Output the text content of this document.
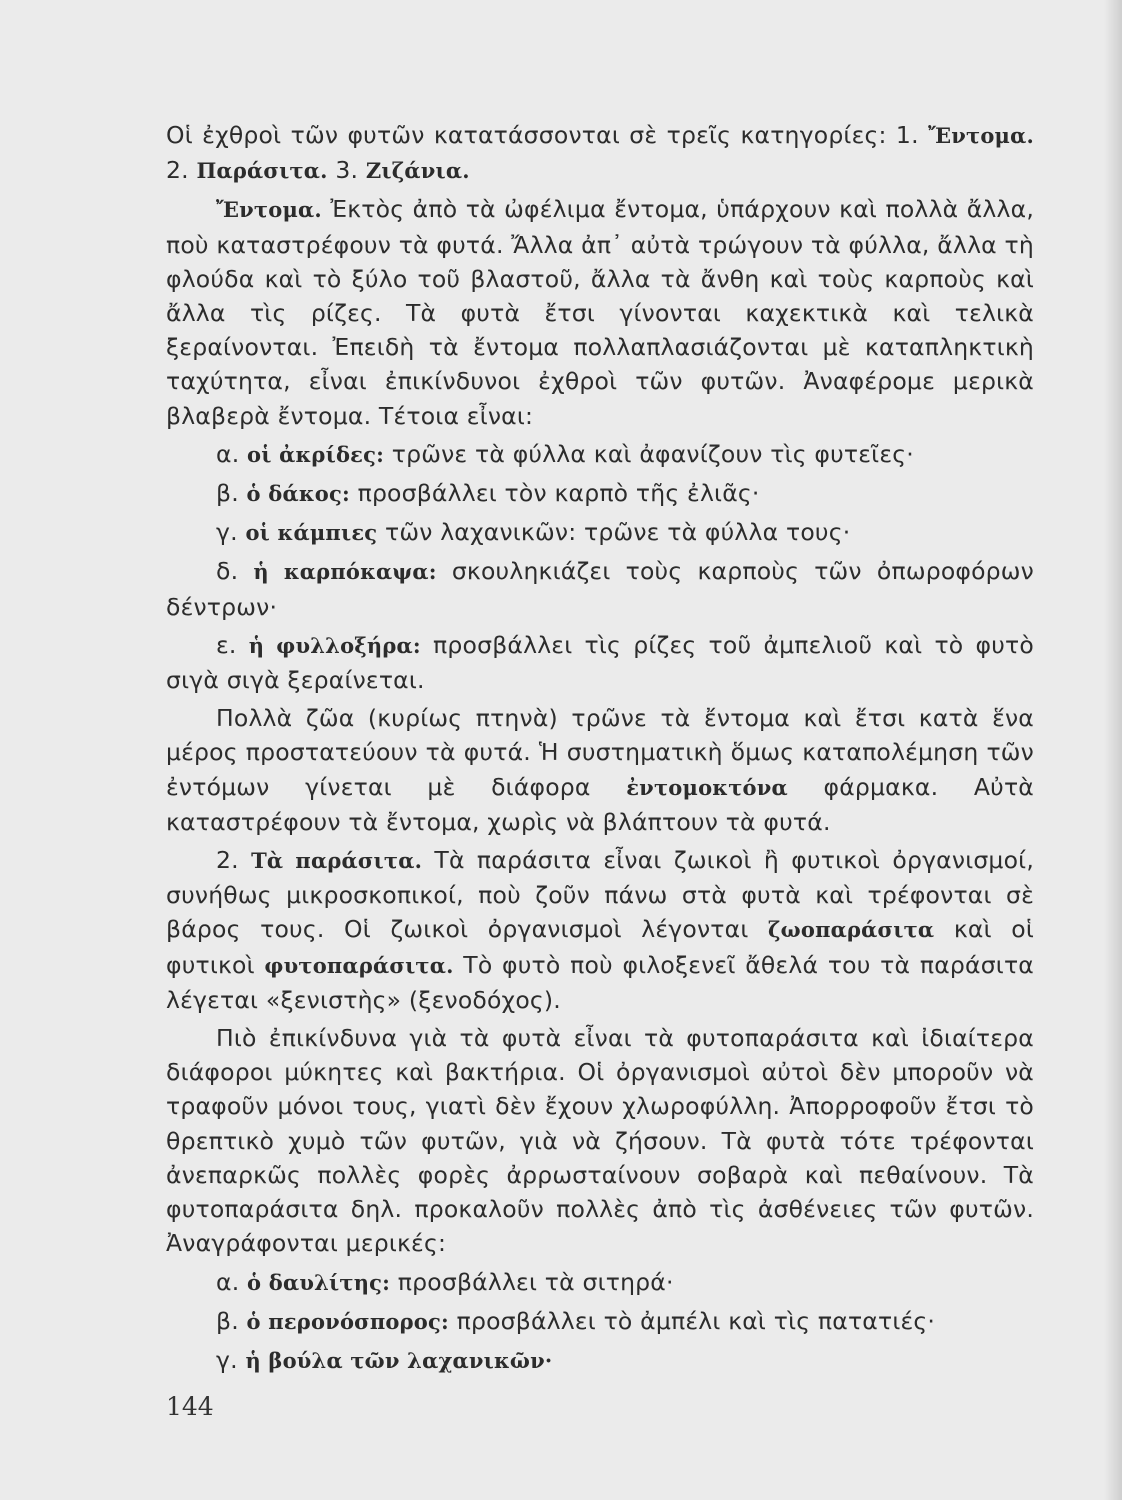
Οἱ ἐχθροὶ τῶν φυτῶν κατατάσσονται σὲ τρεῖς κατηγορίες: 1. Ἔντομα. 2. Παράσιτα. 3. Ζιζάνια.

Ἔντομα. Ἐκτὸς ἀπὸ τὰ ὠφέλιμα ἔντομα, ὑπάρχουν καὶ πολλὰ ἄλλα, ποὺ καταστρέφουν τὰ φυτά. Ἄλλα ἀπ᾽ αὐτὰ τρώγουν τὰ φύλλα, ἄλλα τὴ φλούδα καὶ τὸ ξύλο τοῦ βλαστοῦ, ἄλλα τὰ ἄνθη καὶ τοὺς καρποὺς καὶ ἄλλα τὶς ρίζες. Τὰ φυτὰ ἔτσι γίνονται καχεκτικὰ καὶ τελικὰ ξεραίνονται. Ἐπειδὴ τὰ ἔντομα πολλαπλασιάζονται μὲ καταπληκτικὴ ταχύτητα, εἶναι ἐπικίνδυνοι ἐχθροὶ τῶν φυτῶν. Ἀναφέρομε μερικὰ βλαβερὰ ἔντομα. Τέτοια εἶναι:

α. οἱ ἀκρίδες: τρῶνε τὰ φύλλα καὶ ἀφανίζουν τὶς φυτεῖες·

β. ὁ δάκος: προσβάλλει τὸν καρπὸ τῆς ἐλιᾶς·

γ. οἱ κάμπιες τῶν λαχανικῶν: τρῶνε τὰ φύλλα τους·

δ. ἡ καρπόκαψα: σκουληκιάζει τοὺς καρποὺς τῶν ὀπωροφόρων δέντρων·

ε. ἡ φυλλοξήρα: προσβάλλει τὶς ρίζες τοῦ ἀμπελιοῦ καὶ τὸ φυτὸ σιγὰ σιγὰ ξεραίνεται.

Πολλὰ ζῶα (κυρίως πτηνὰ) τρῶνε τὰ ἔντομα καὶ ἔτσι κατὰ ἕνα μέρος προστατεύουν τὰ φυτά. Ἡ συστηματικὴ ὅμως καταπολέμηση τῶν ἐντόμων γίνεται μὲ διάφορα ἐντομοκτόνα φάρμακα. Αὐτὰ καταστρέφουν τὰ ἔντομα, χωρὶς νὰ βλάπτουν τὰ φυτά.

2. Τὰ παράσιτα. Τὰ παράσιτα εἶναι ζωικοὶ ἢ φυτικοὶ ὀργανισμοί, συνήθως μικροσκοπικοί, ποὺ ζοῦν πάνω στὰ φυτὰ καὶ τρέφονται σὲ βάρος τους. Οἱ ζωικοὶ ὀργανισμοὶ λέγονται ζωοπαράσιτα καὶ οἱ φυτικοὶ φυτοπαράσιτα. Τὸ φυτὸ ποὺ φιλοξενεῖ ἄθελά του τὰ παράσιτα λέγεται «ξενιστὴς» (ξενοδόχος).

Πιὸ ἐπικίνδυνα γιὰ τὰ φυτὰ εἶναι τὰ φυτοπαράσιτα καὶ ἰδιαίτερα διάφοροι μύκητες καὶ βακτήρια. Οἱ ὀργανισμοὶ αὐτοὶ δὲν μποροῦν νὰ τραφοῦν μόνοι τους, γιατὶ δὲν ἔχουν χλωροφύλλη. Ἀπορροφοῦν ἔτσι τὸ θρεπτικὸ χυμὸ τῶν φυτῶν, γιὰ νὰ ζήσουν. Τὰ φυτὰ τότε τρέφονται ἀνεπαρκῶς πολλὲς φορὲς ἀρρωσταίνουν σοβαρὰ καὶ πεθαίνουν. Τὰ φυτοπαράσιτα δηλ. προκαλοῦν πολλὲς ἀπὸ τὶς ἀσθένειες τῶν φυτῶν. Ἀναγράφονται μερικές:

α. ὁ δαυλίτης: προσβάλλει τὰ σιτηρά·

β. ὁ περονόσπορος: προσβάλλει τὸ ἀμπέλι καὶ τὶς πατατιές·

γ. ἡ βούλα τῶν λαχανικῶν·

144
